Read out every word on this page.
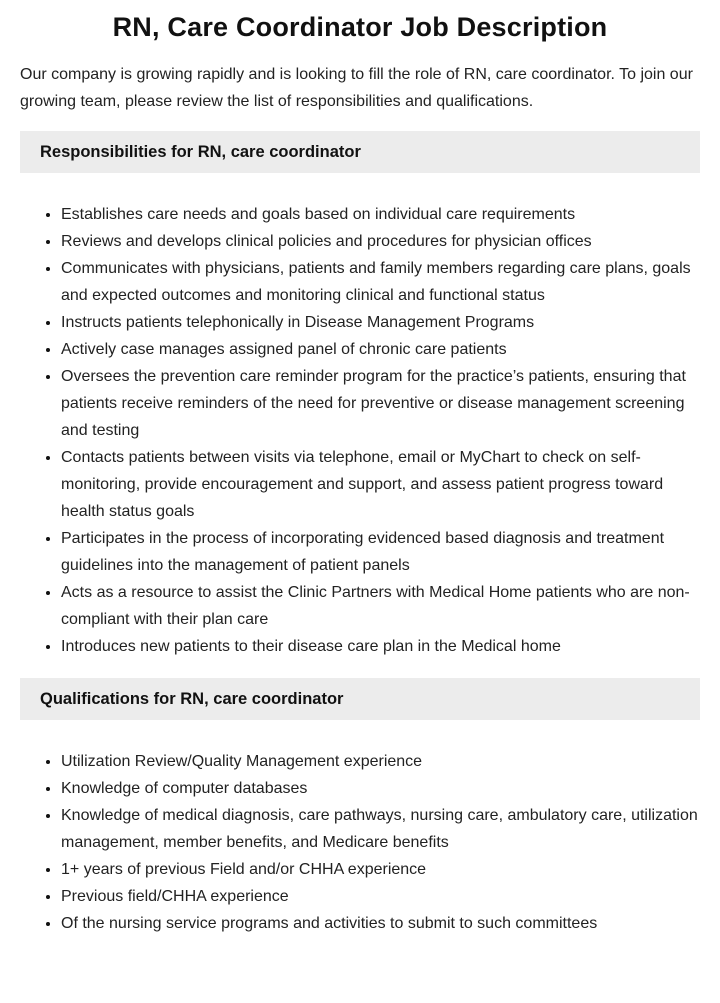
RN, Care Coordinator Job Description

Our company is growing rapidly and is looking to fill the role of RN, care coordinator. To join our growing team, please review the list of responsibilities and qualifications.

Responsibilities for RN, care coordinator
• Establishes care needs and goals based on individual care requirements
• Reviews and develops clinical policies and procedures for physician offices
• Communicates with physicians, patients and family members regarding care plans, goals and expected outcomes and monitoring clinical and functional status
• Instructs patients telephonically in Disease Management Programs
• Actively case manages assigned panel of chronic care patients
• Oversees the prevention care reminder program for the practice’s patients, ensuring that patients receive reminders of the need for preventive or disease management screening and testing
• Contacts patients between visits via telephone, email or MyChart to check on self-monitoring, provide encouragement and support, and assess patient progress toward health status goals
• Participates in the process of incorporating evidenced based diagnosis and treatment guidelines into the management of patient panels
• Acts as a resource to assist the Clinic Partners with Medical Home patients who are non-compliant with their plan care
• Introduces new patients to their disease care plan in the Medical home
Qualifications for RN, care coordinator
• Utilization Review/Quality Management experience
• Knowledge of computer databases
• Knowledge of medical diagnosis, care pathways, nursing care, ambulatory care, utilization management, member benefits, and Medicare benefits
• 1+ years of previous Field and/or CHHA experience
• Previous field/CHHA experience
• Of the nursing service programs and activities to submit to such committees
